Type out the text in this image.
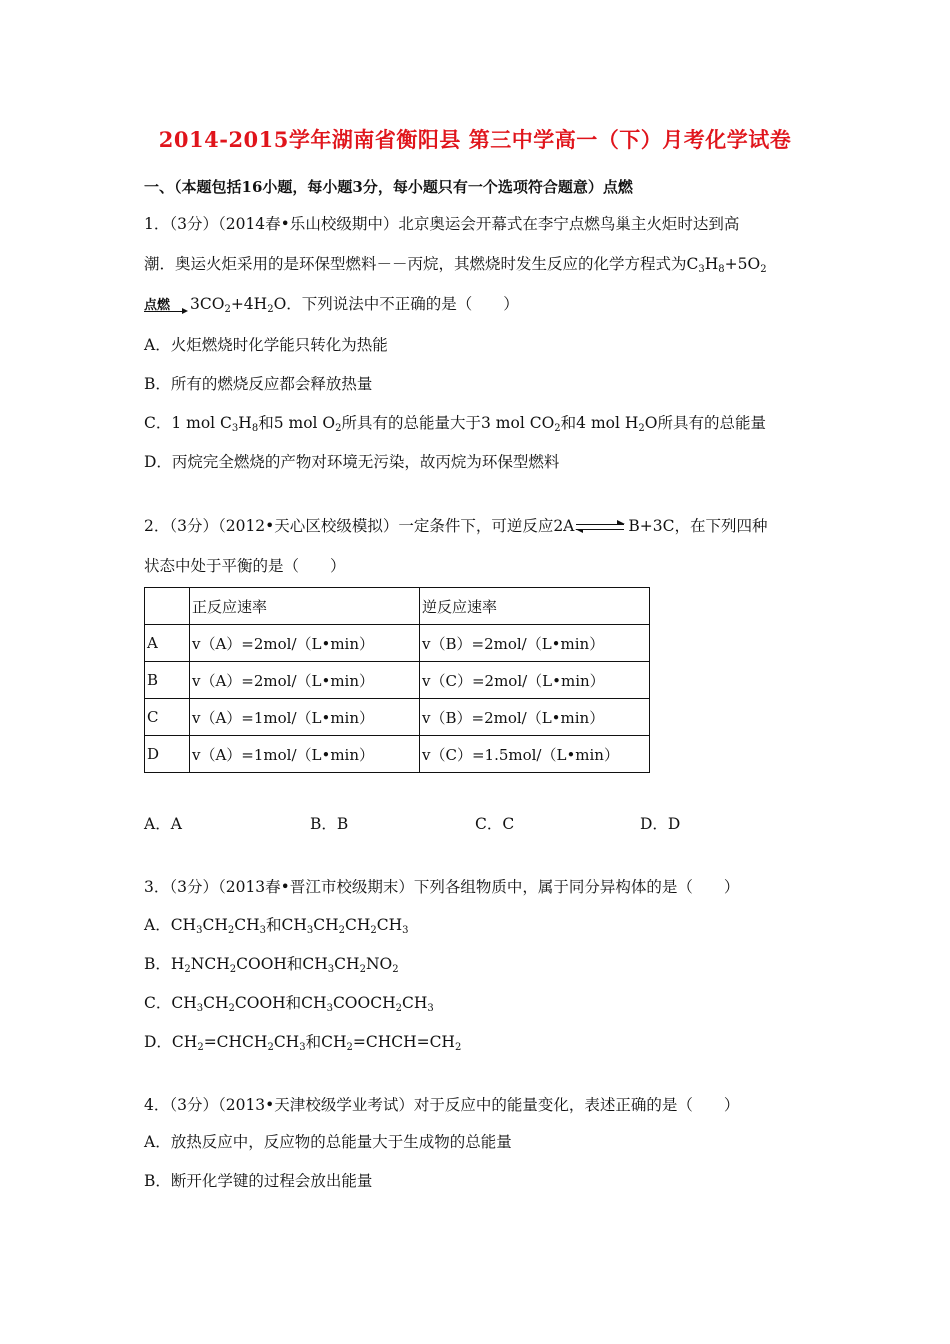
2014-2015学年湖南省衡阳县 第三中学高一（下）月考化学试卷
一、（本题包括16小题，每小题3分，每小题只有一个选项符合题意）点燃
1．（3分）（2014春•乐山校级期中）北京奥运会开幕式在李宁点燃鸟巢主火炬时达到高
潮．奥运火炬采用的是环保型燃料－－丙烷，其燃烧时发生反应的化学方程式为$C_3H_8+5O_2$
点燃 $3CO_2+4H_2O$．下列说法中不正确的是（　　）
A．火炬燃烧时化学能只转化为热能
B．所有的燃烧反应都会释放热量
C．1 mol $C_3H_8$和5 mol $O_2$所具有的总能量大于3 mol $CO_2$和4 mol $H_2O$所具有的总能量
D．丙烷完全燃烧的产物对环境无污染，故丙烷为环保型燃料
2．（3分）（2012•天心区校级模拟）一定条件下，可逆反应2A ⇌ B+3C，在下列四种
状态中处于平衡的是（　　）
	正反应速率	逆反应速率
A	v（A）=2mol/（L•min）	v（B）=2mol/（L•min）
B	v（A）=2mol/（L•min）	v（C）=2mol/（L•min）
C	v（A）=1mol/（L•min）	v（B）=2mol/（L•min）
D	v（A）=1mol/（L•min）	v（C）=1.5mol/（L•min）
A．A	B．B	C．C	D．D
3．（3分）（2013春•晋江市校级期末）下列各组物质中，属于同分异构体的是（　　）
A．$CH_3CH_2CH_3$和$CH_3CH_2CH_2CH_3$
B．$H_2NCH_2COOH$和$CH_3CH_2NO_2$
C．$CH_3CH_2COOH$和$CH_3COOCH_2CH_3$
D．$CH_2=CHCH_2CH_3$和$CH_2=CHCH=CH_2$
4．（3分）（2013•天津校级学业考试）对于反应中的能量变化，表述正确的是（　　）
A．放热反应中，反应物的总能量大于生成物的总能量
B．断开化学键的过程会放出能量
